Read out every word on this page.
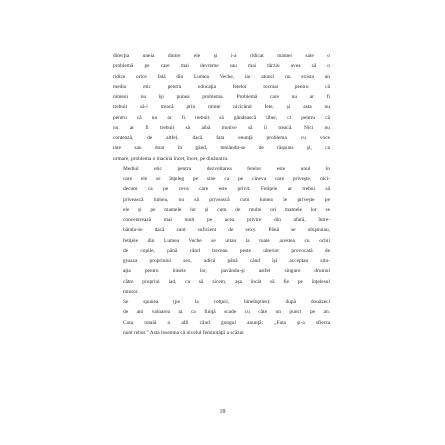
direcţia uneia dintre ele şi i-a ridicat mamei sale o
problemă pe care mai devreme sau mai târziu avea să o
ridice orice fată din Lumea Veche, iar atunci nu exista un
mediu etic pentru educaţia fetelor tocmai pentru că
nimeni nu îşi punea problema. Problemă care nu ar fi
trebuit să-i treacă prin minte nicicând fete, şi asta nu
pentru că nu ar fi trebuit să gândească liber, ci pentru că
nu ar fi trebuit să aibă motive să îi treacă. Nici nu
contează, de altfel, dacă fata enunţă problema cu voce
tare sau doar în gând, temându-se de răspuns şi, ca
urmare, problema o macină încet, încet, pe dinăuntru.

Mediul etic pentru dezvoltarea fetelor este unul în
care ele se înţeleg pe sine ca pe cineva care priveşte, nici-
decum ca pe ceva care este privit. Fetiţele ar trebui să
privească lumea, nu să privească cum lumea le priveşte pe
ele şi pe mamele lor şi cum de multe ori mamele lor se
concentrează mai mult pe acea privire din afară, între-
bându-se dacă sunt suficient de sexy. Până se obişnuiau,
fetiţele din Lumea Veche se uitau la toate acestea cu ochii
de copile, până când treceau peste ulterior provocată de
groaza propriului sex, adică până când îşi acceptau situ-
aţia pentru binele lor, pavându-şi astfel singure drumul
către propriul iad, ca să zicem, aşa încât să fie pe înţelesul
tuturor.

Se spunea (pe la colţuri, bineînţeles): după douăzeci
de ani valoarea ta ca fiinţă scade cu câte un punct pe an.
Cota totală o afli când gongul anunţă: „Fata şi-a sfiecta
nunt rebut.” Asta însemna că nivelul feminităţii a scăzut

18
